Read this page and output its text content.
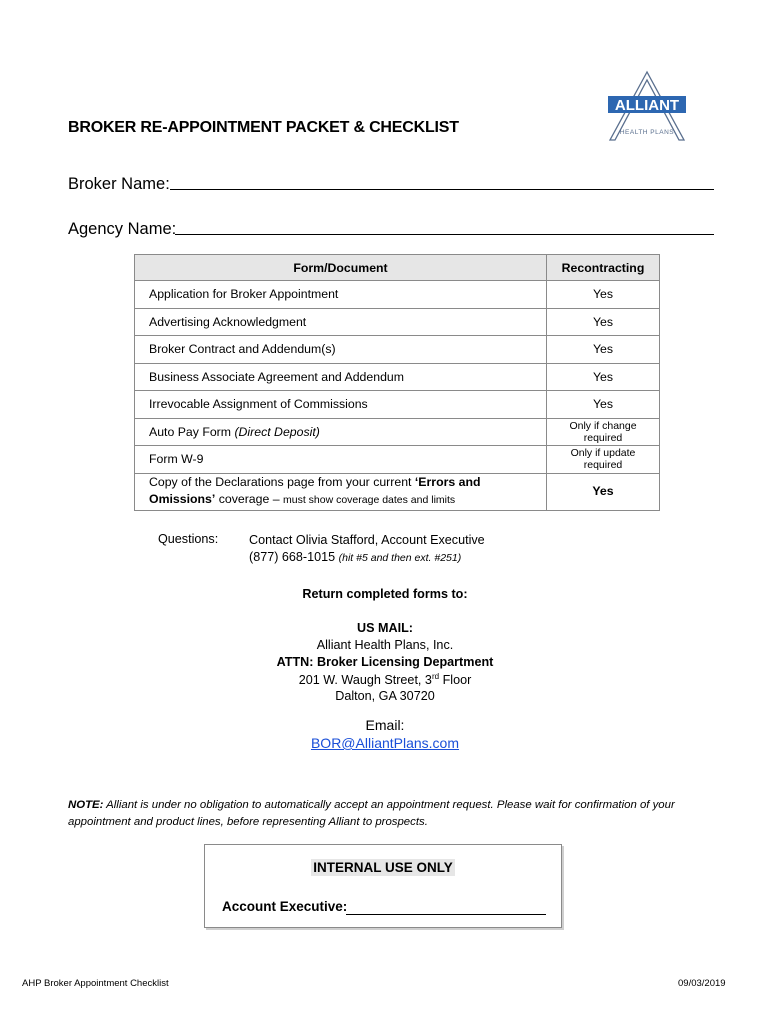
ALLIANT
HEALTH PLANS
BROKER RE-APPOINTMENT PACKET & CHECKLIST
Broker Name:
Agency Name:
Form/Document	Recontracting
Application for Broker Appointment	Yes
Advertising Acknowledgment	Yes
Broker Contract and Addendum(s)	Yes
Business Associate Agreement and Addendum	Yes
Irrevocable Assignment of Commissions	Yes
Auto Pay Form (Direct Deposit)	Only if change required
Form W-9	Only if update required
Copy of the Declarations page from your current ‘Errors and
Omissions’ coverage – must show coverage dates and limits	Yes
Questions: Contact Olivia Stafford, Account Executive
(877) 668-1015 (hit #5 and then ext. #251)
Return completed forms to:
US MAIL:
Alliant Health Plans, Inc.
ATTN: Broker Licensing Department
201 W. Waugh Street, 3rd Floor
Dalton, GA 30720
Email:
BOR@AlliantPlans.com
NOTE: Alliant is under no obligation to automatically accept an appointment request. Please wait for confirmation of your appointment and product lines, before representing Alliant to prospects.
INTERNAL USE ONLY
Account Executive:
AHP Broker Appointment Checklist	09/03/2019
